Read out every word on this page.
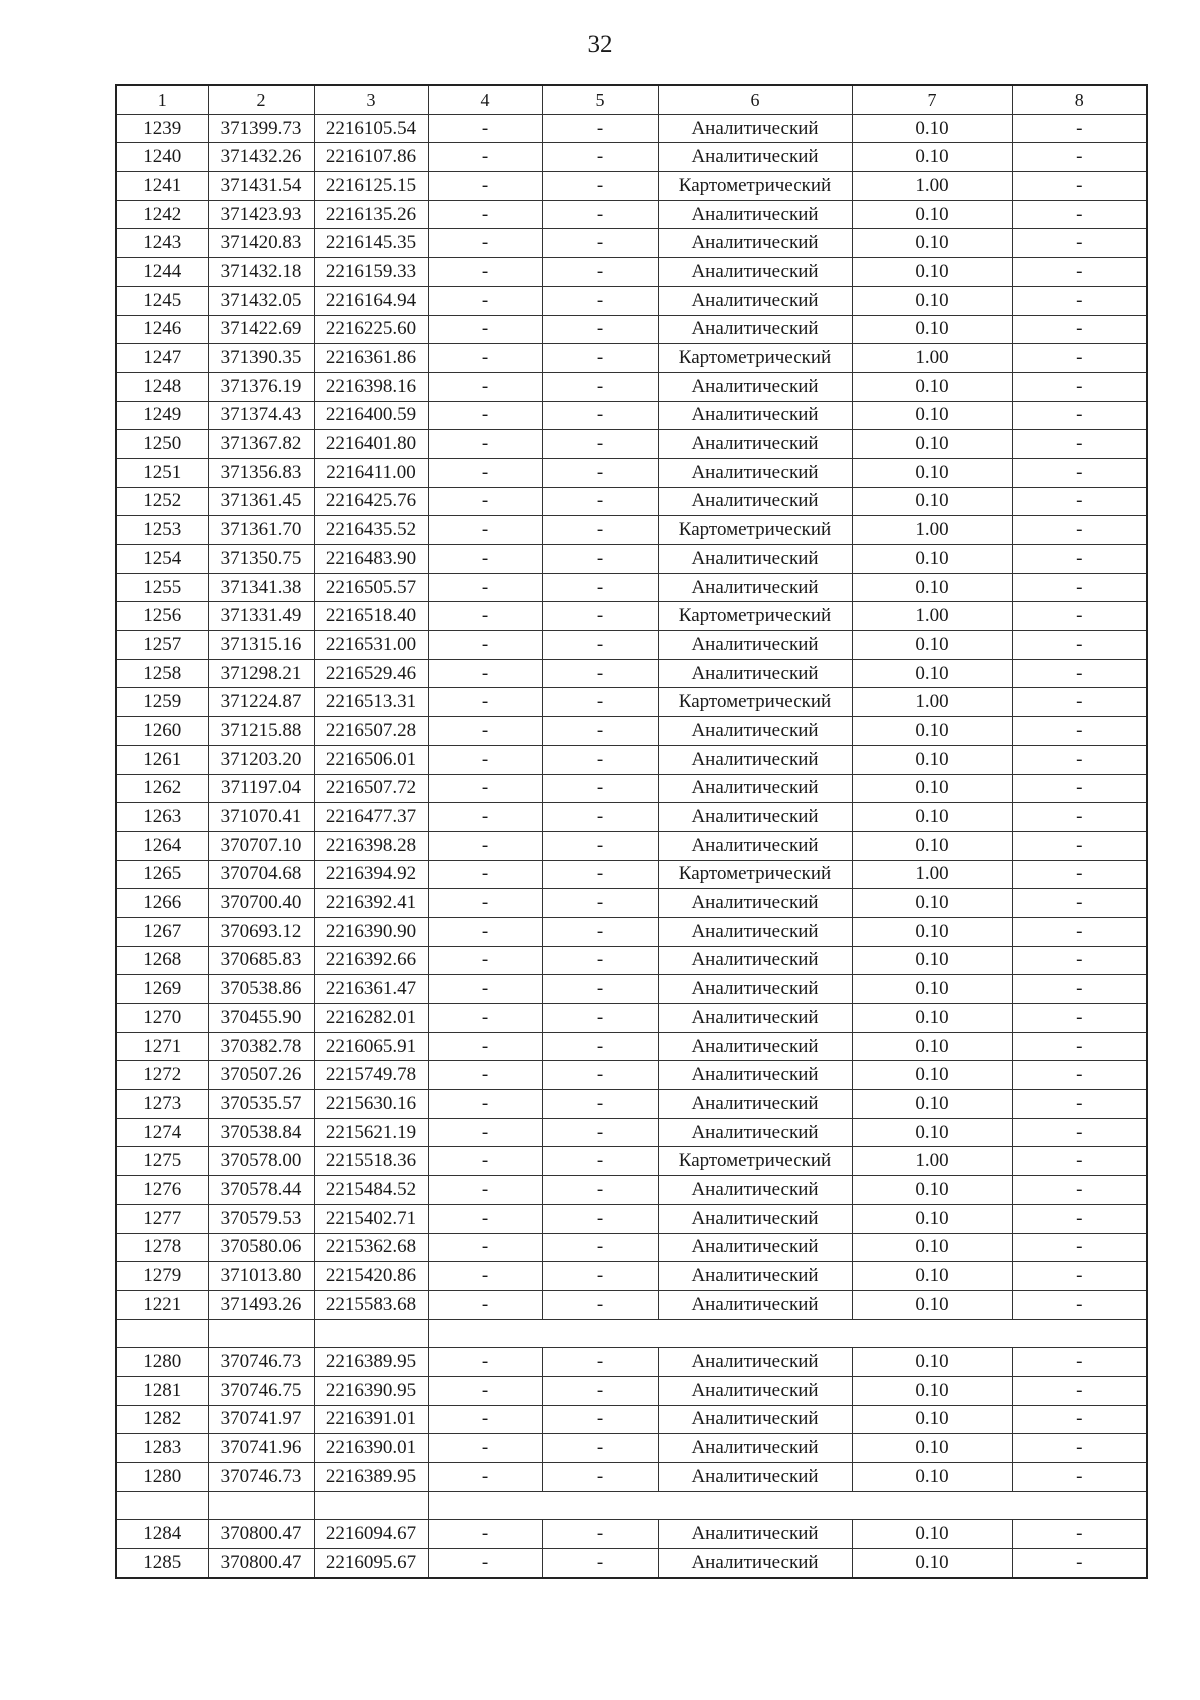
32
1	2	3	4	5	6	7	8
1239	371399.73	2216105.54	-	-	Аналитический	0.10	-
1240	371432.26	2216107.86	-	-	Аналитический	0.10	-
1241	371431.54	2216125.15	-	-	Картометрический	1.00	-
1242	371423.93	2216135.26	-	-	Аналитический	0.10	-
1243	371420.83	2216145.35	-	-	Аналитический	0.10	-
1244	371432.18	2216159.33	-	-	Аналитический	0.10	-
1245	371432.05	2216164.94	-	-	Аналитический	0.10	-
1246	371422.69	2216225.60	-	-	Аналитический	0.10	-
1247	371390.35	2216361.86	-	-	Картометрический	1.00	-
1248	371376.19	2216398.16	-	-	Аналитический	0.10	-
1249	371374.43	2216400.59	-	-	Аналитический	0.10	-
1250	371367.82	2216401.80	-	-	Аналитический	0.10	-
1251	371356.83	2216411.00	-	-	Аналитический	0.10	-
1252	371361.45	2216425.76	-	-	Аналитический	0.10	-
1253	371361.70	2216435.52	-	-	Картометрический	1.00	-
1254	371350.75	2216483.90	-	-	Аналитический	0.10	-
1255	371341.38	2216505.57	-	-	Аналитический	0.10	-
1256	371331.49	2216518.40	-	-	Картометрический	1.00	-
1257	371315.16	2216531.00	-	-	Аналитический	0.10	-
1258	371298.21	2216529.46	-	-	Аналитический	0.10	-
1259	371224.87	2216513.31	-	-	Картометрический	1.00	-
1260	371215.88	2216507.28	-	-	Аналитический	0.10	-
1261	371203.20	2216506.01	-	-	Аналитический	0.10	-
1262	371197.04	2216507.72	-	-	Аналитический	0.10	-
1263	371070.41	2216477.37	-	-	Аналитический	0.10	-
1264	370707.10	2216398.28	-	-	Аналитический	0.10	-
1265	370704.68	2216394.92	-	-	Картометрический	1.00	-
1266	370700.40	2216392.41	-	-	Аналитический	0.10	-
1267	370693.12	2216390.90	-	-	Аналитический	0.10	-
1268	370685.83	2216392.66	-	-	Аналитический	0.10	-
1269	370538.86	2216361.47	-	-	Аналитический	0.10	-
1270	370455.90	2216282.01	-	-	Аналитический	0.10	-
1271	370382.78	2216065.91	-	-	Аналитический	0.10	-
1272	370507.26	2215749.78	-	-	Аналитический	0.10	-
1273	370535.57	2215630.16	-	-	Аналитический	0.10	-
1274	370538.84	2215621.19	-	-	Аналитический	0.10	-
1275	370578.00	2215518.36	-	-	Картометрический	1.00	-
1276	370578.44	2215484.52	-	-	Аналитический	0.10	-
1277	370579.53	2215402.71	-	-	Аналитический	0.10	-
1278	370580.06	2215362.68	-	-	Аналитический	0.10	-
1279	371013.80	2215420.86	-	-	Аналитический	0.10	-
1221	371493.26	2215583.68	-	-	Аналитический	0.10	-

1280	370746.73	2216389.95	-	-	Аналитический	0.10	-
1281	370746.75	2216390.95	-	-	Аналитический	0.10	-
1282	370741.97	2216391.01	-	-	Аналитический	0.10	-
1283	370741.96	2216390.01	-	-	Аналитический	0.10	-
1280	370746.73	2216389.95	-	-	Аналитический	0.10	-

1284	370800.47	2216094.67	-	-	Аналитический	0.10	-
1285	370800.47	2216095.67	-	-	Аналитический	0.10	-
